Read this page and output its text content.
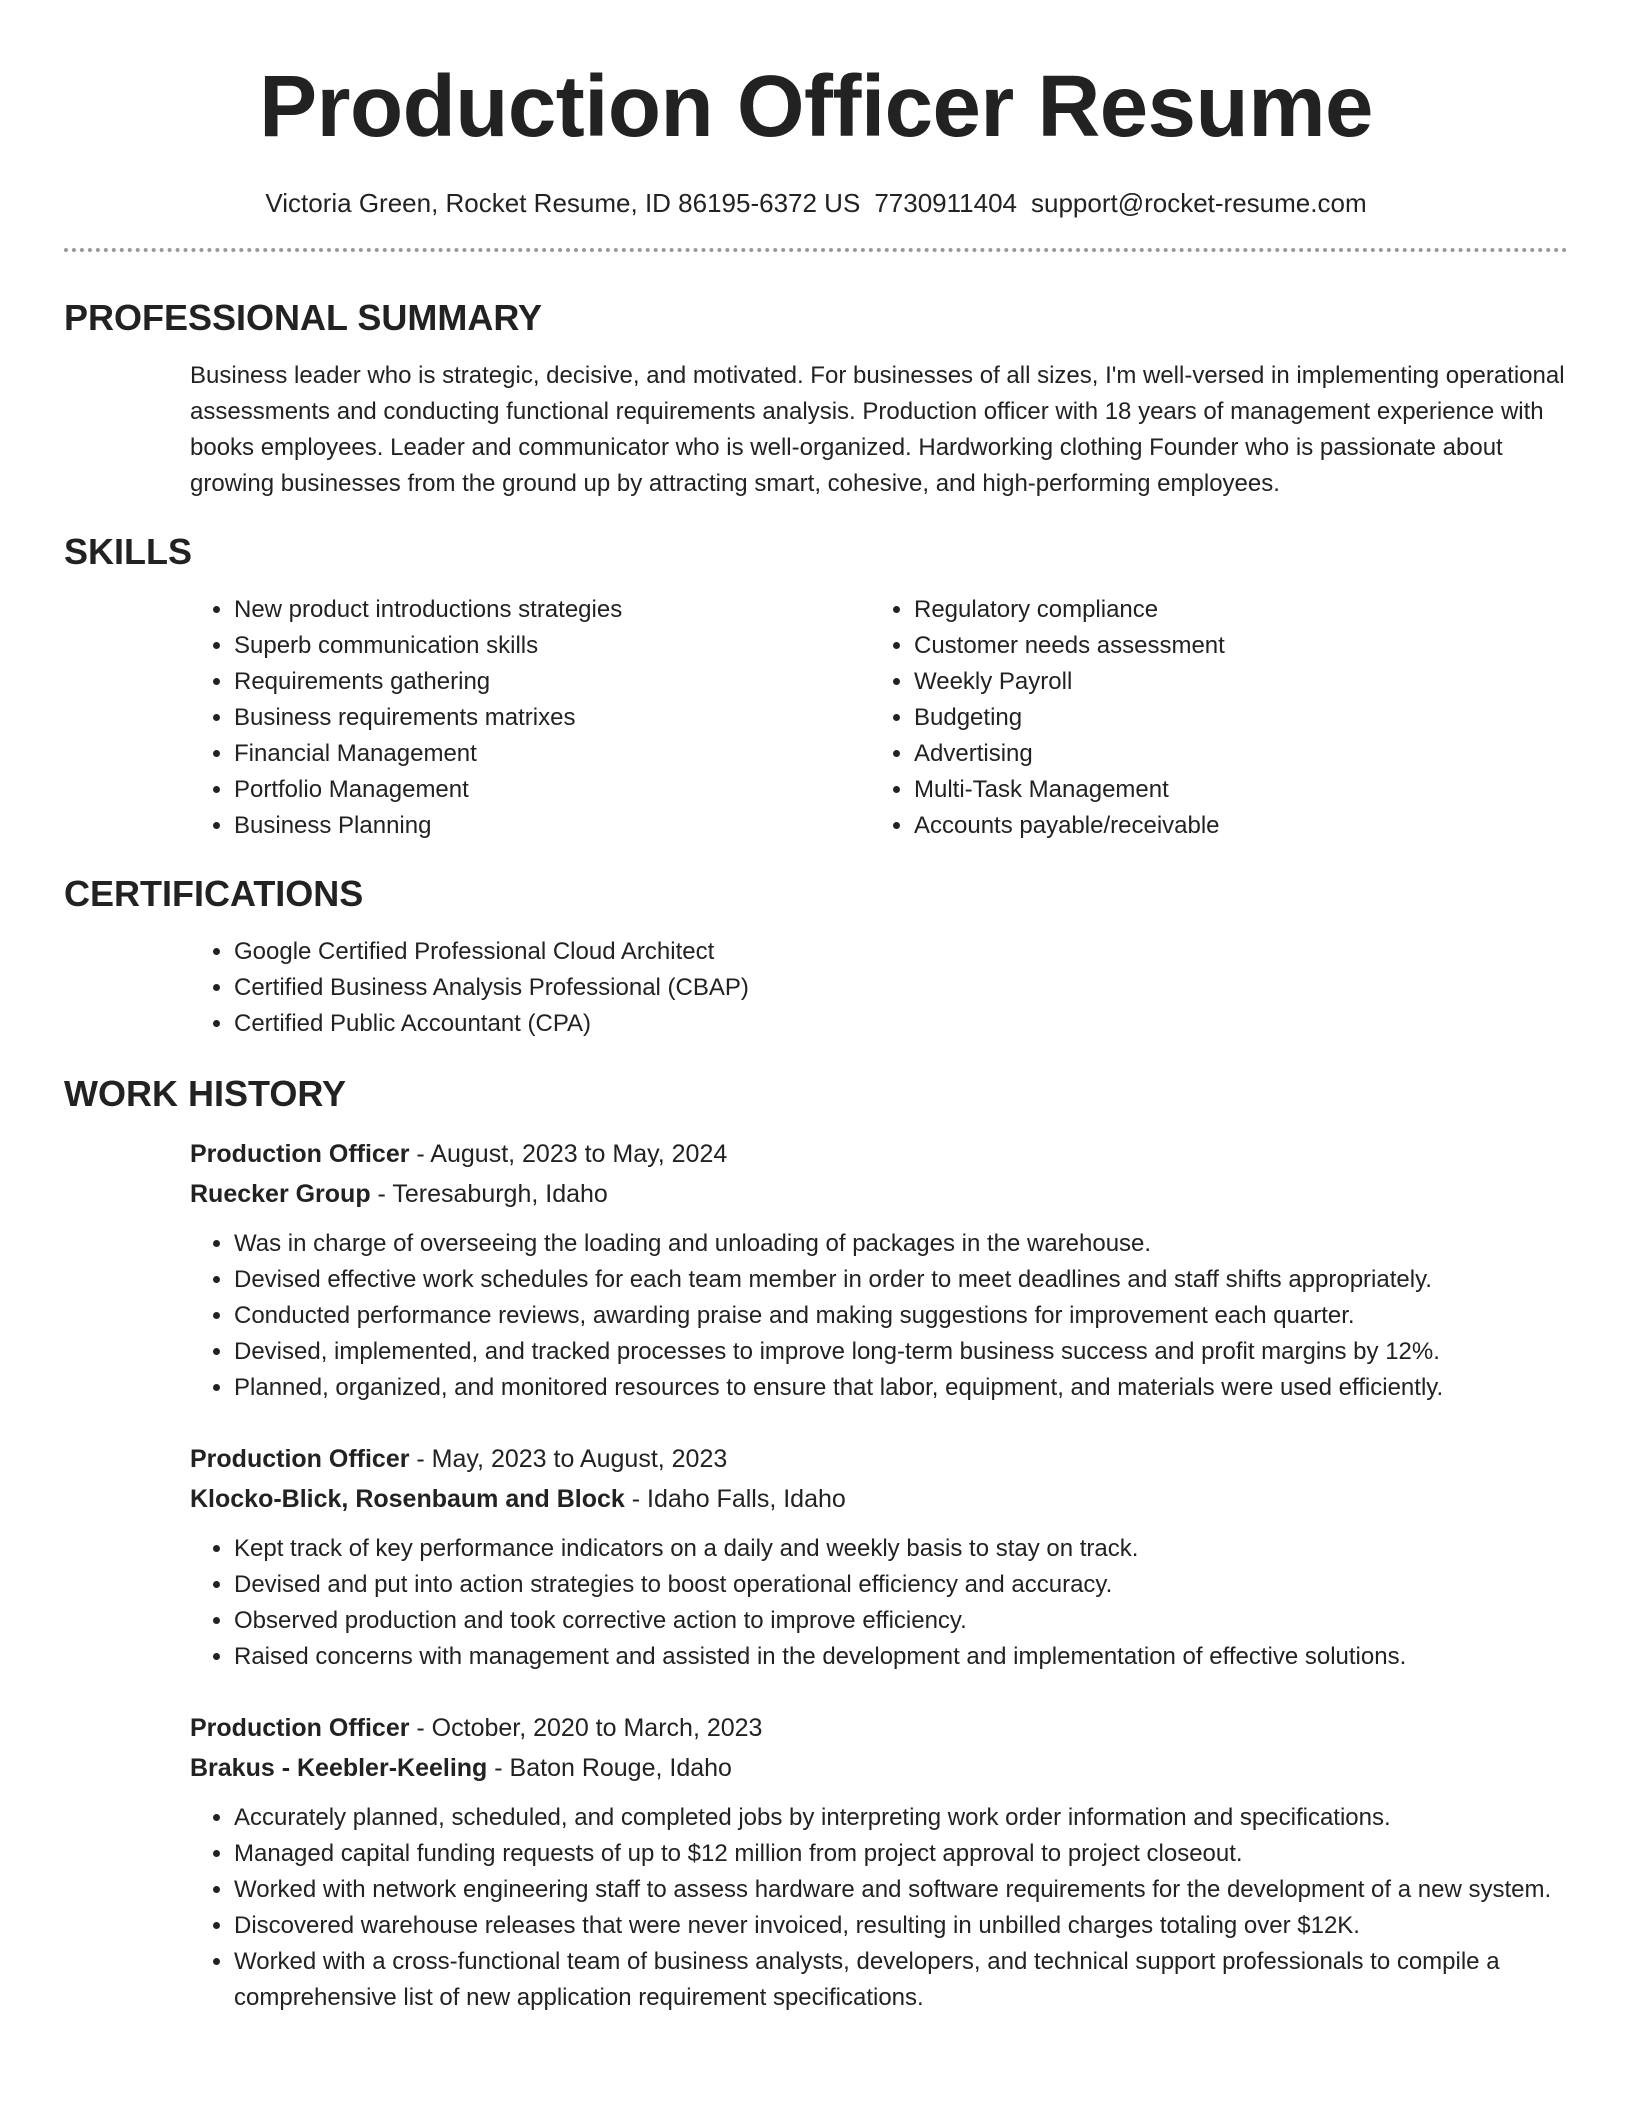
Production Officer Resume
Victoria Green, Rocket Resume, ID 86195-6372 US 7730911404 support@rocket-resume.com
PROFESSIONAL SUMMARY

Business leader who is strategic, decisive, and motivated. For businesses of all sizes, I'm well-versed in implementing operational assessments and conducting functional requirements analysis. Production officer with 18 years of management experience with books employees. Leader and communicator who is well-organized. Hardworking clothing Founder who is passionate about growing businesses from the ground up by attracting smart, cohesive, and high-performing employees.

SKILLS
• New product introductions strategies
• Superb communication skills
• Requirements gathering
• Business requirements matrixes
• Financial Management
• Portfolio Management
• Business Planning
• Regulatory compliance
• Customer needs assessment
• Weekly Payroll
• Budgeting
• Advertising
• Multi-Task Management
• Accounts payable/receivable
CERTIFICATIONS
• Google Certified Professional Cloud Architect
• Certified Business Analysis Professional (CBAP)
• Certified Public Accountant (CPA)
WORK HISTORY
Production Officer - August, 2023 to May, 2024
Ruecker Group - Teresaburgh, Idaho
• Was in charge of overseeing the loading and unloading of packages in the warehouse.
• Devised effective work schedules for each team member in order to meet deadlines and staff shifts appropriately.
• Conducted performance reviews, awarding praise and making suggestions for improvement each quarter.
• Devised, implemented, and tracked processes to improve long-term business success and profit margins by 12%.
• Planned, organized, and monitored resources to ensure that labor, equipment, and materials were used efficiently.
Production Officer - May, 2023 to August, 2023
Klocko-Blick, Rosenbaum and Block - Idaho Falls, Idaho
• Kept track of key performance indicators on a daily and weekly basis to stay on track.
• Devised and put into action strategies to boost operational efficiency and accuracy.
• Observed production and took corrective action to improve efficiency.
• Raised concerns with management and assisted in the development and implementation of effective solutions.
Production Officer - October, 2020 to March, 2023
Brakus - Keebler-Keeling - Baton Rouge, Idaho
• Accurately planned, scheduled, and completed jobs by interpreting work order information and specifications.
• Managed capital funding requests of up to $12 million from project approval to project closeout.
• Worked with network engineering staff to assess hardware and software requirements for the development of a new system.
• Discovered warehouse releases that were never invoiced, resulting in unbilled charges totaling over $12K.
• Worked with a cross-functional team of business analysts, developers, and technical support professionals to compile a comprehensive list of new application requirement specifications.
